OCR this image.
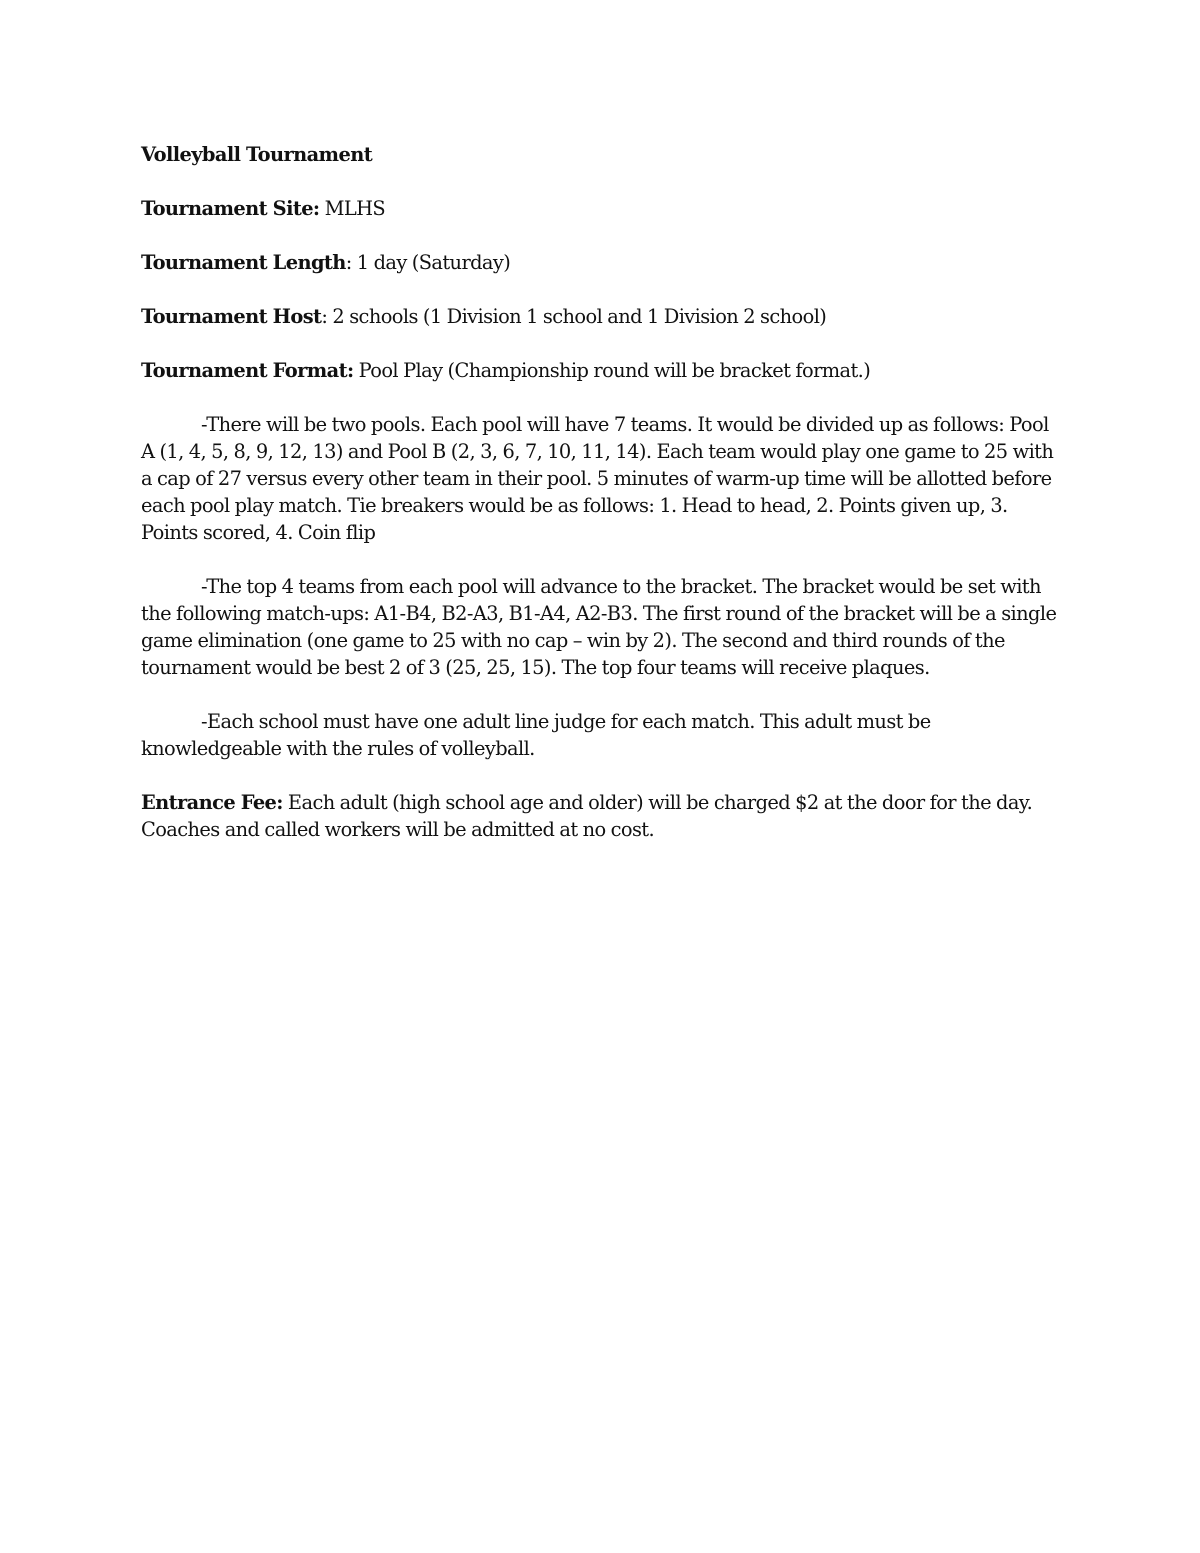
Volleyball Tournament

Tournament Site: MLHS

Tournament Length: 1 day (Saturday)

Tournament Host: 2 schools (1 Division 1 school and 1 Division 2 school)

Tournament Format: Pool Play (Championship round will be bracket format.)

-There will be two pools. Each pool will have 7 teams. It would be divided up as follows: Pool A (1, 4, 5, 8, 9, 12, 13) and Pool B (2, 3, 6, 7, 10, 11, 14). Each team would play one game to 25 with a cap of 27 versus every other team in their pool. 5 minutes of warm-up time will be allotted before each pool play match. Tie breakers would be as follows: 1. Head to head, 2. Points given up, 3. Points scored, 4. Coin flip

-The top 4 teams from each pool will advance to the bracket. The bracket would be set with the following match-ups: A1-B4, B2-A3, B1-A4, A2-B3. The first round of the bracket will be a single game elimination (one game to 25 with no cap – win by 2). The second and third rounds of the tournament would be best 2 of 3 (25, 25, 15). The top four teams will receive plaques.

-Each school must have one adult line judge for each match. This adult must be knowledgeable with the rules of volleyball.

Entrance Fee: Each adult (high school age and older) will be charged $2 at the door for the day. Coaches and called workers will be admitted at no cost.
